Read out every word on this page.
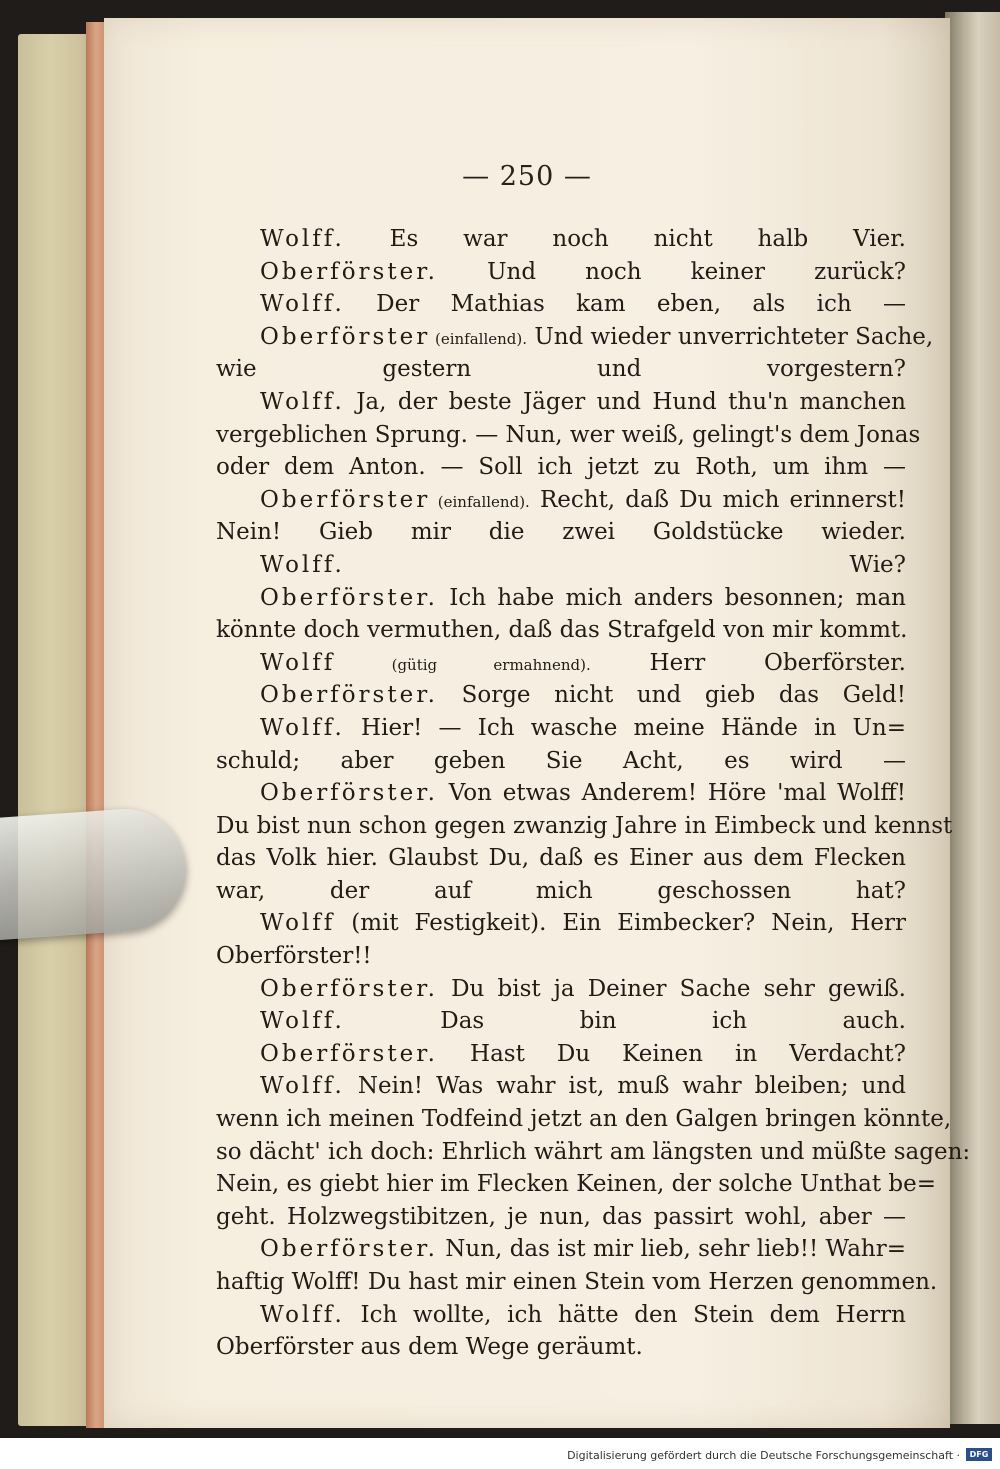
— 250 —
Wolff. Es war noch nicht halb Vier.
Oberförster. Und noch keiner zurück?
Wolff. Der Mathias kam eben, als ich —
Oberförster (einfallend). Und wieder unverrichteter Sache,
wie gestern und vorgestern?
Wolff. Ja, der beste Jäger und Hund thu'n manchen
vergeblichen Sprung. — Nun, wer weiß, gelingt's dem Jonas
oder dem Anton. — Soll ich jetzt zu Roth, um ihm —
Oberförster (einfallend). Recht, daß Du mich erinnerst!
Nein! Gieb mir die zwei Goldstücke wieder.
Wolff. Wie?
Oberförster. Ich habe mich anders besonnen; man
könnte doch vermuthen, daß das Strafgeld von mir kommt.
Wolff (gütig ermahnend). Herr Oberförster.
Oberförster. Sorge nicht und gieb das Geld!
Wolff. Hier! — Ich wasche meine Hände in Un=
schuld; aber geben Sie Acht, es wird —
Oberförster. Von etwas Anderem! Höre 'mal Wolff!
Du bist nun schon gegen zwanzig Jahre in Eimbeck und kennst
das Volk hier. Glaubst Du, daß es Einer aus dem Flecken
war, der auf mich geschossen hat?
Wolff (mit Festigkeit). Ein Eimbecker? Nein, Herr
Oberförster!!
Oberförster. Du bist ja Deiner Sache sehr gewiß.
Wolff. Das bin ich auch.
Oberförster. Hast Du Keinen in Verdacht?
Wolff. Nein! Was wahr ist, muß wahr bleiben; und
wenn ich meinen Todfeind jetzt an den Galgen bringen könnte,
so dächt' ich doch: Ehrlich währt am längsten und müßte sagen:
Nein, es giebt hier im Flecken Keinen, der solche Unthat be=
geht. Holzwegstibitzen, je nun, das passirt wohl, aber —
Oberförster. Nun, das ist mir lieb, sehr lieb!! Wahr=
haftig Wolff! Du hast mir einen Stein vom Herzen genommen.
Wolff. Ich wollte, ich hätte den Stein dem Herrn
Oberförster aus dem Wege geräumt.
Digitalisierung gefördert durch die Deutsche Forschungsgemeinschaft ·	DFG
